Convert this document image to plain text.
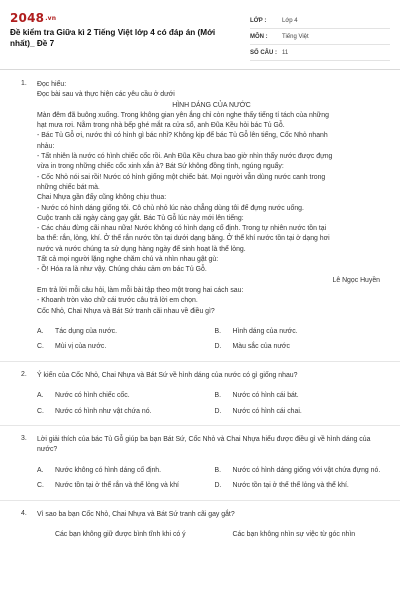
2048.vn
Đề kiểm tra Giữa kì 2 Tiếng Việt lớp 4 có đáp án (Mới nhất)_ Đề 7
LỚP :	Lớp 4
MÔN :	Tiếng Việt
SỐ CÂU : 11
1. Đọc hiểu:
Đọc bài sau và thực hiện các yêu cầu ở dưới
HÌNH DÁNG CỦA NƯỚC
Màn đêm đã buông xuống. Trong không gian yên ắng chỉ còn nghe thấy tiếng tí tách của những
hạt mưa rơi. Nằm trong nhà bếp ghé mắt ra cửa sổ, anh Đũa Kều hỏi bác Tủ Gỗ.
- Bác Tủ Gỗ ơi, nước thì có hình gì bác nhỉ? Không kịp để bác Tủ Gỗ lên tiếng, Cốc Nhỏ nhanh
nhảu:
- Tất nhiên là nước có hình chiếc cốc rồi. Anh Đũa Kều chưa bao giờ nhìn thấy nước được đựng
vừa in trong những chiếc cốc xinh xắn à? Bát Sứ không đồng tình, ngúng nguẩy:
- Cốc Nhỏ nói sai rồi! Nước có hình giống một chiếc bát. Mọi người vẫn dùng nước canh trong
những chiếc bát mà.
Chai Nhựa gần đấy cũng không chịu thua:
- Nước có hình dáng giống tôi. Cô chủ nhỏ lúc nào chẳng dùng tôi để đựng nước uống.
Cuộc tranh cãi ngày càng gay gắt. Bác Tủ Gỗ lúc này mới lên tiếng:
- Các cháu đừng cãi nhau nữa! Nước không có hình dạng cố định. Trong tự nhiên nước tồn tại
ba thể: rắn, lỏng, khí. Ở thể rắn nước tồn tại dưới dạng băng. Ở thể khí nước tồn tại ở dạng hơi
nước và nước chúng ta sử dụng hàng ngày để sinh hoạt là thể lỏng.
Tất cả mọi người lặng nghe chăm chú và nhìn nhau gật gù:
- Ồ! Hóa ra là như vậy. Chúng cháu cảm ơn bác Tủ Gỗ.
Lê Ngọc Huyền
Em trả lời mỗi câu hỏi, làm mỗi bài tập theo một trong hai cách sau:
- Khoanh tròn vào chữ cái trước câu trả lời em chọn.
Cốc Nhỏ, Chai Nhựa và Bát Sứ tranh cãi nhau về điều gì?
A.	Tác dụng của nước.	B.	Hình dáng của nước.
C.	Mùi vị của nước.	D.	Màu sắc của nước
2. Ý kiến của Cốc Nhỏ, Chai Nhựa và Bát Sứ về hình dáng của nước có gì giống nhau?
A.	Nước có hình chiếc cốc.	B.	Nước có hình cái bát.
C.	Nước có hình như vật chứa nó.	D.	Nước có hình cái chai.
3. Lời giải thích của bác Tủ Gỗ giúp ba bạn Bát Sứ, Cốc Nhỏ và Chai Nhựa hiểu được điều gì về hình dáng của nước?
A.	Nước không có hình dáng cố định.	B.	Nước có hình dáng giống với vật chứa đựng nó.
C.	Nước tồn tại ở thể rắn và thể lỏng và khí	D.	Nước tồn tại ở thể thể lỏng và thể khí.
4. Vì sao ba bạn Cốc Nhỏ, Chai Nhựa và Bát Sứ tranh cãi gay gắt?
Các bạn không giữ được bình tĩnh khi có ý	Các bạn không nhìn sự việc từ góc nhìn
